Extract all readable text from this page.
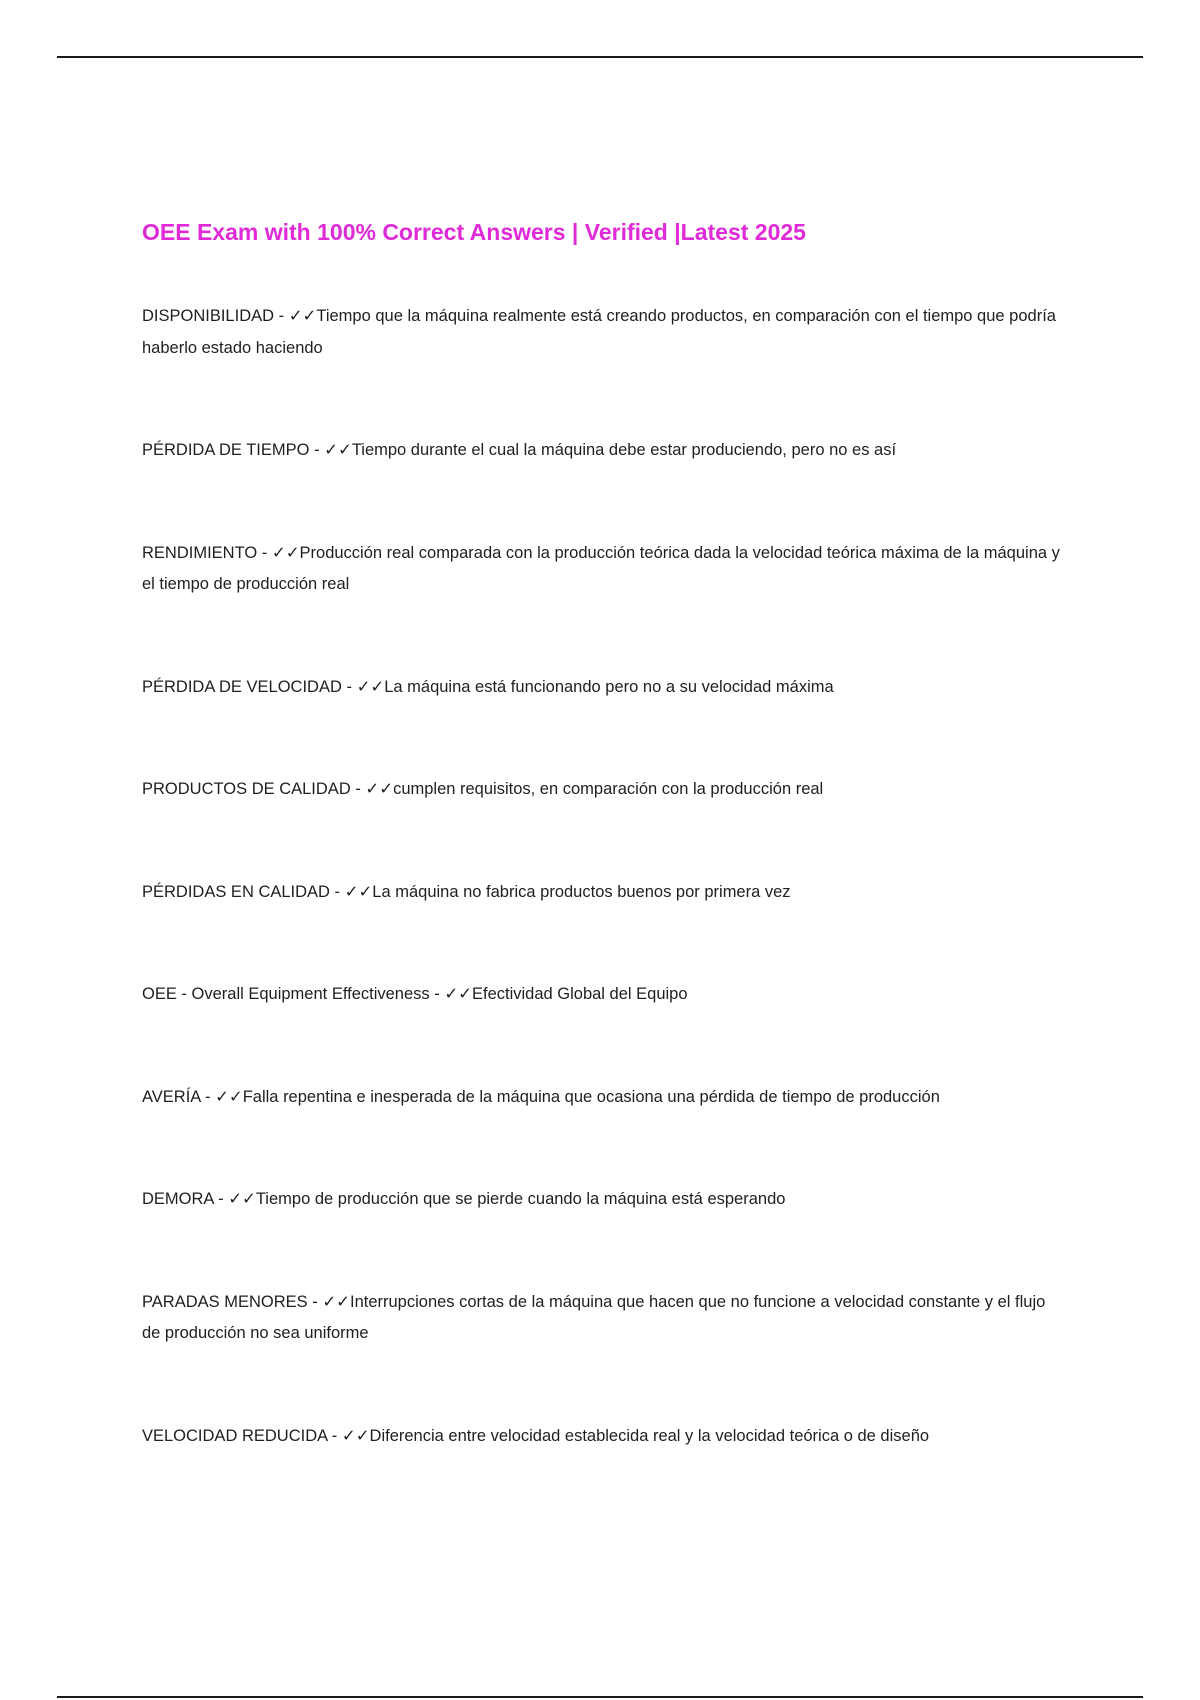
OEE Exam with 100% Correct Answers | Verified |Latest 2025
DISPONIBILIDAD - ✓✓Tiempo que la máquina realmente está creando productos, en comparación con el tiempo que podría haberlo estado haciendo
PÉRDIDA DE TIEMPO - ✓✓Tiempo durante el cual la máquina debe estar produciendo, pero no es así
RENDIMIENTO - ✓✓Producción real comparada con la producción teórica dada la velocidad teórica máxima de la máquina y el tiempo de producción real
PÉRDIDA DE VELOCIDAD - ✓✓La máquina está funcionando pero no a su velocidad máxima
PRODUCTOS DE CALIDAD - ✓✓cumplen requisitos, en comparación con la producción real
PÉRDIDAS EN CALIDAD - ✓✓La máquina no fabrica productos buenos por primera vez
OEE - Overall Equipment Effectiveness - ✓✓Efectividad Global del Equipo
AVERÍA - ✓✓Falla repentina e inesperada de la máquina que ocasiona una pérdida de tiempo de producción
DEMORA - ✓✓Tiempo de producción que se pierde cuando la máquina está esperando
PARADAS MENORES - ✓✓Interrupciones cortas de la máquina que hacen que no funcione a velocidad constante y el flujo de producción no sea uniforme
VELOCIDAD REDUCIDA - ✓✓Diferencia entre velocidad establecida real y la velocidad teórica o de diseño
